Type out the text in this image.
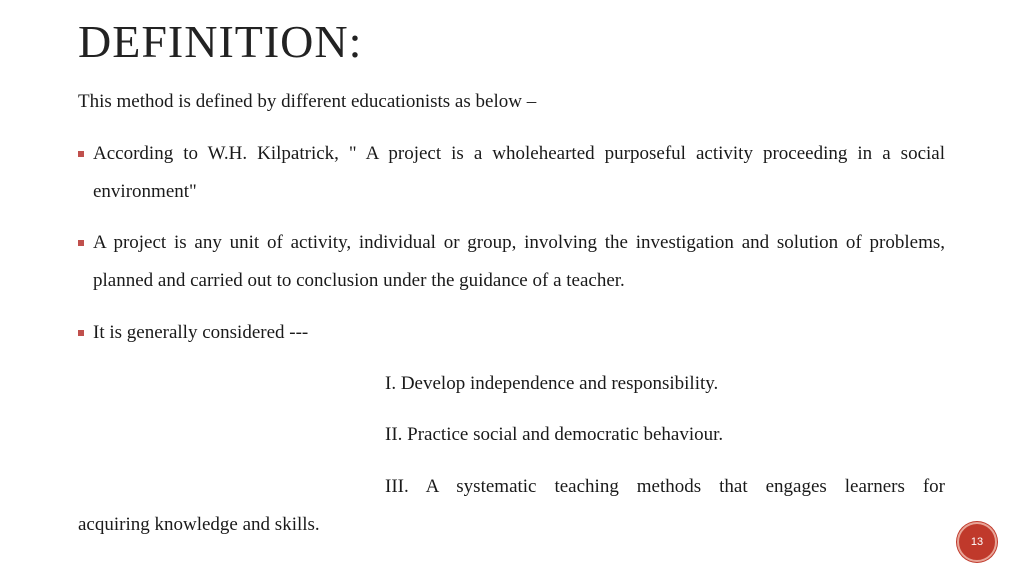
DEFINITION:
This method is defined by different educationists as below –
According to W.H. Kilpatrick, " A project is a wholehearted purposeful activity proceeding in a social environment"
A project is any unit of activity, individual or group, involving the investigation and solution of problems, planned and carried out to conclusion under the guidance of a teacher.
It is generally considered ---
I. Develop independence and responsibility.
II. Practice social and democratic behaviour.
III. A systematic teaching methods that engages learners for
acquiring knowledge and skills.
13
